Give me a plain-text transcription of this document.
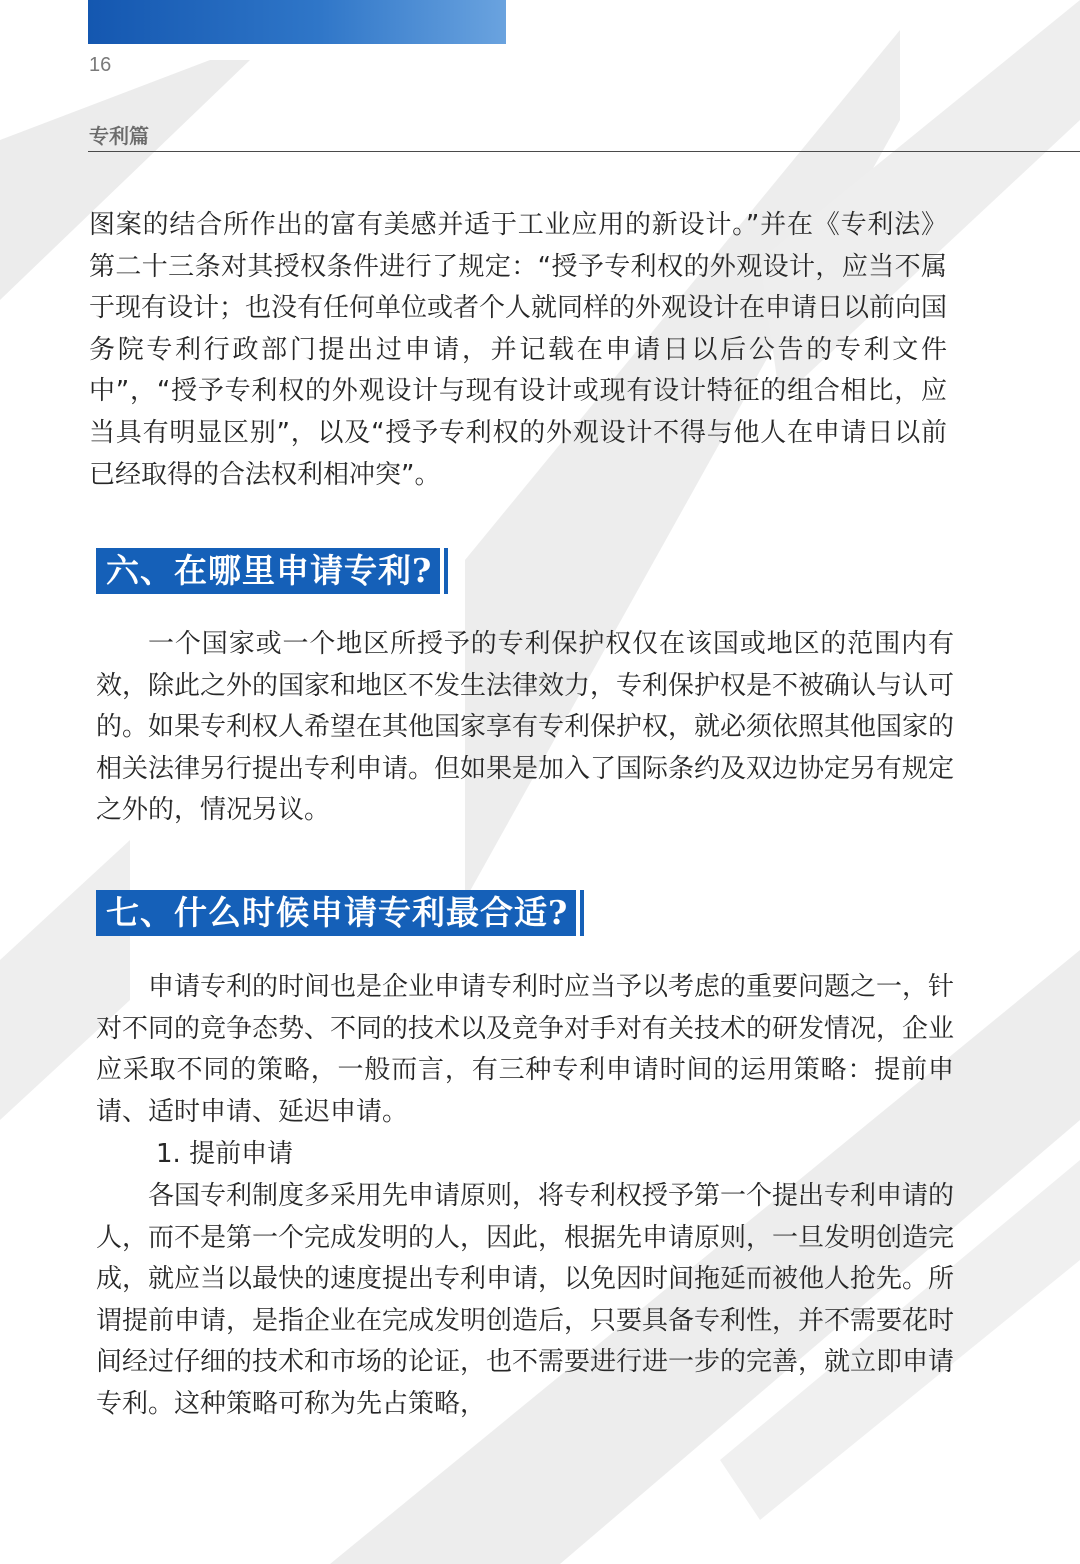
16
专利篇

图案的结合所作出的富有美感并适于工业应用的新设计。”并在《专利法》第二十三条对其授权条件进行了规定：“授予专利权的外观设计，应当不属于现有设计；也没有任何单位或者个人就同样的外观设计在申请日以前向国务院专利行政部门提出过申请，并记载在申请日以后公告的专利文件中”，“授予专利权的外观设计与现有设计或现有设计特征的组合相比，应当具有明显区别”，以及“授予专利权的外观设计不得与他人在申请日以前已经取得的合法权利相冲突”。

六、在哪里申请专利?

一个国家或一个地区所授予的专利保护权仅在该国或地区的范围内有效，除此之外的国家和地区不发生法律效力，专利保护权是不被确认与认可的。如果专利权人希望在其他国家享有专利保护权，就必须依照其他国家的相关法律另行提出专利申请。但如果是加入了国际条约及双边协定另有规定之外的，情况另议。

七、什么时候申请专利最合适?

申请专利的时间也是企业申请专利时应当予以考虑的重要问题之一，针对不同的竞争态势、不同的技术以及竞争对手对有关技术的研发情况，企业应采取不同的策略，一般而言，有三种专利申请时间的运用策略：提前申请、适时申请、延迟申请。

1. 提前申请

各国专利制度多采用先申请原则，将专利权授予第一个提出专利申请的人，而不是第一个完成发明的人，因此，根据先申请原则，一旦发明创造完成，就应当以最快的速度提出专利申请，以免因时间拖延而被他人抢先。所谓提前申请，是指企业在完成发明创造后，只要具备专利性，并不需要花时间经过仔细的技术和市场的论证，也不需要进行进一步的完善，就立即申请专利。这种策略可称为先占策略，
